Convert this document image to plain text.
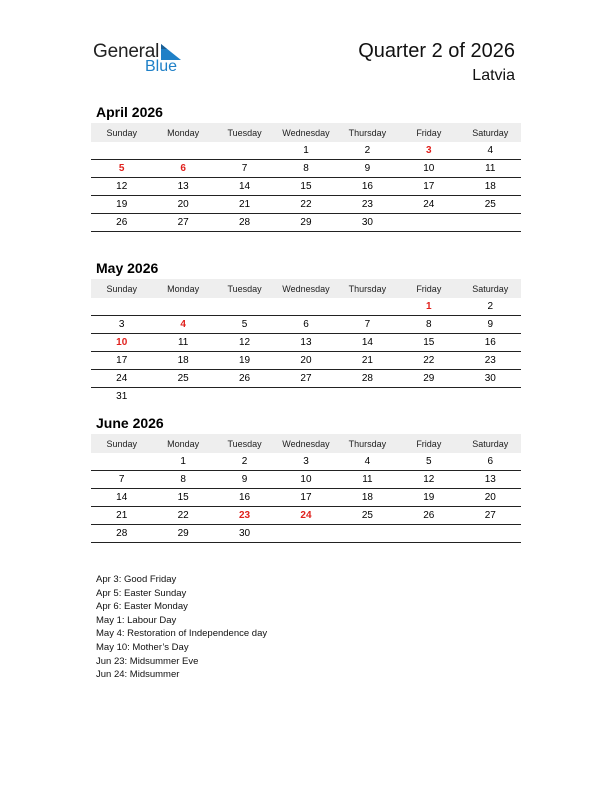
General
Blue
Quarter 2 of 2026
Latvia
April 2026
Sunday	Monday	Tuesday	Wednesday	Thursday	Friday	Saturday
			1	2	3	4
5	6	7	8	9	10	11
12	13	14	15	16	17	18
19	20	21	22	23	24	25
26	27	28	29	30		
May 2026
Sunday	Monday	Tuesday	Wednesday	Thursday	Friday	Saturday
					1	2
3	4	5	6	7	8	9
10	11	12	13	14	15	16
17	18	19	20	21	22	23
24	25	26	27	28	29	30
31						
June 2026
Sunday	Monday	Tuesday	Wednesday	Thursday	Friday	Saturday
	1	2	3	4	5	6
7	8	9	10	11	12	13
14	15	16	17	18	19	20
21	22	23	24	25	26	27
28	29	30				
Apr 3: Good Friday
Apr 5: Easter Sunday
Apr 6: Easter Monday
May 1: Labour Day
May 4: Restoration of Independence day
May 10: Mother’s Day
Jun 23: Midsummer Eve
Jun 24: Midsummer
